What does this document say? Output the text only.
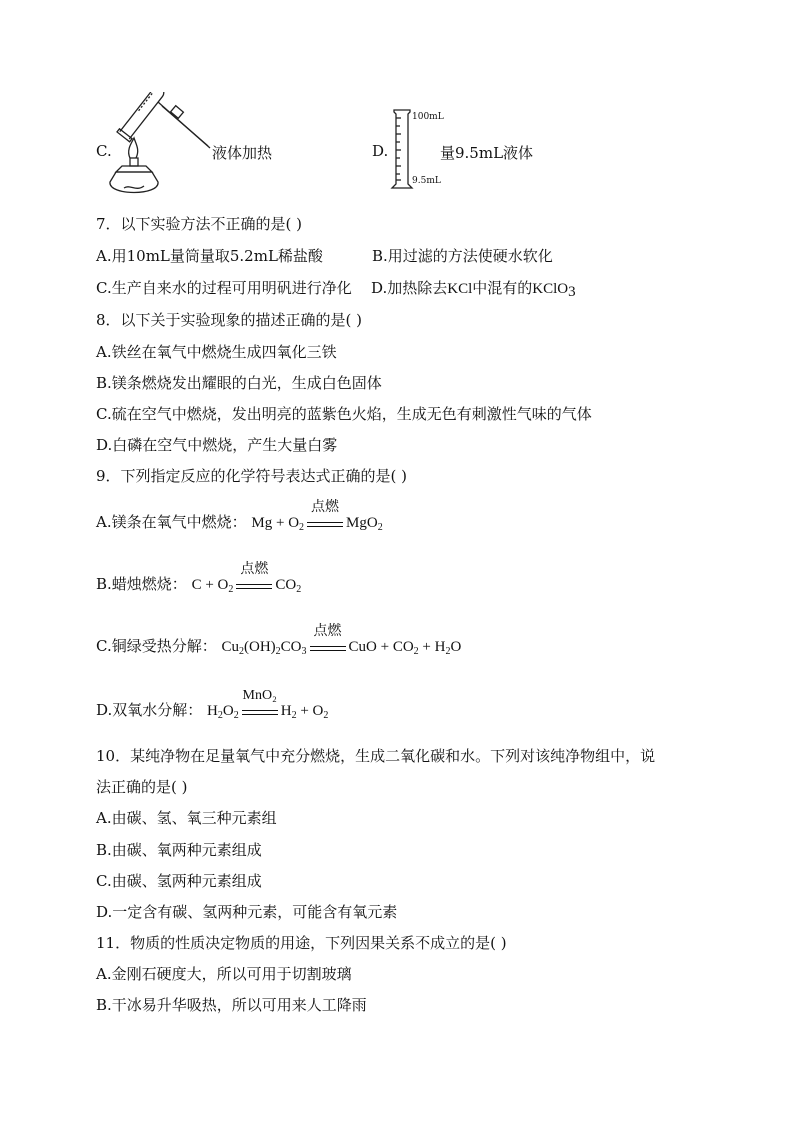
C.	液体加热	D.
100mL
9.5mL
量9.5mL液体
7．以下实验方法不正确的是( )
A.用10mL量筒量取5.2mL稀盐酸	B.用过滤的方法使硬水软化
C.生产自来水的过程可用明矾进行净化 D.加热除去KCl中混有的KClO$_3$
8．以下关于实验现象的描述正确的是( )
A.铁丝在氧气中燃烧生成四氧化三铁
B.镁条燃烧发出耀眼的白光，生成白色固体
C.硫在空气中燃烧，发出明亮的蓝紫色火焰，生成无色有刺激性气味的气体
D.白磷在空气中燃烧，产生大量白雾
9．下列指定反应的化学符号表达式正确的是( )
A.镁条在氧气中燃烧： $Mg + O_2$
点燃
MgO$_2$
B.蜡烛燃烧： $C + O_2$
点燃
$CO_2$
C.铜绿受热分解： $Cu_2(OH)_2CO_3$
点燃
CuO + $CO_2 + H_2O$
D.双氧水分解： $H_2O_2$
MnO₂
$H_2 + O_2$
10．某纯净物在足量氧气中充分燃烧，生成二氧化碳和水。下列对该纯净物组中，说
法正确的是( )
A.由碳、氢、氧三种元素组
B.由碳、氧两种元素组成
C.由碳、氢两种元素组成
D.一定含有碳、氢两种元素，可能含有氧元素
11．物质的性质决定物质的用途，下列因果关系不成立的是( )
A.金刚石硬度大，所以可用于切割玻璃
B.干冰易升华吸热，所以可用来人工降雨
